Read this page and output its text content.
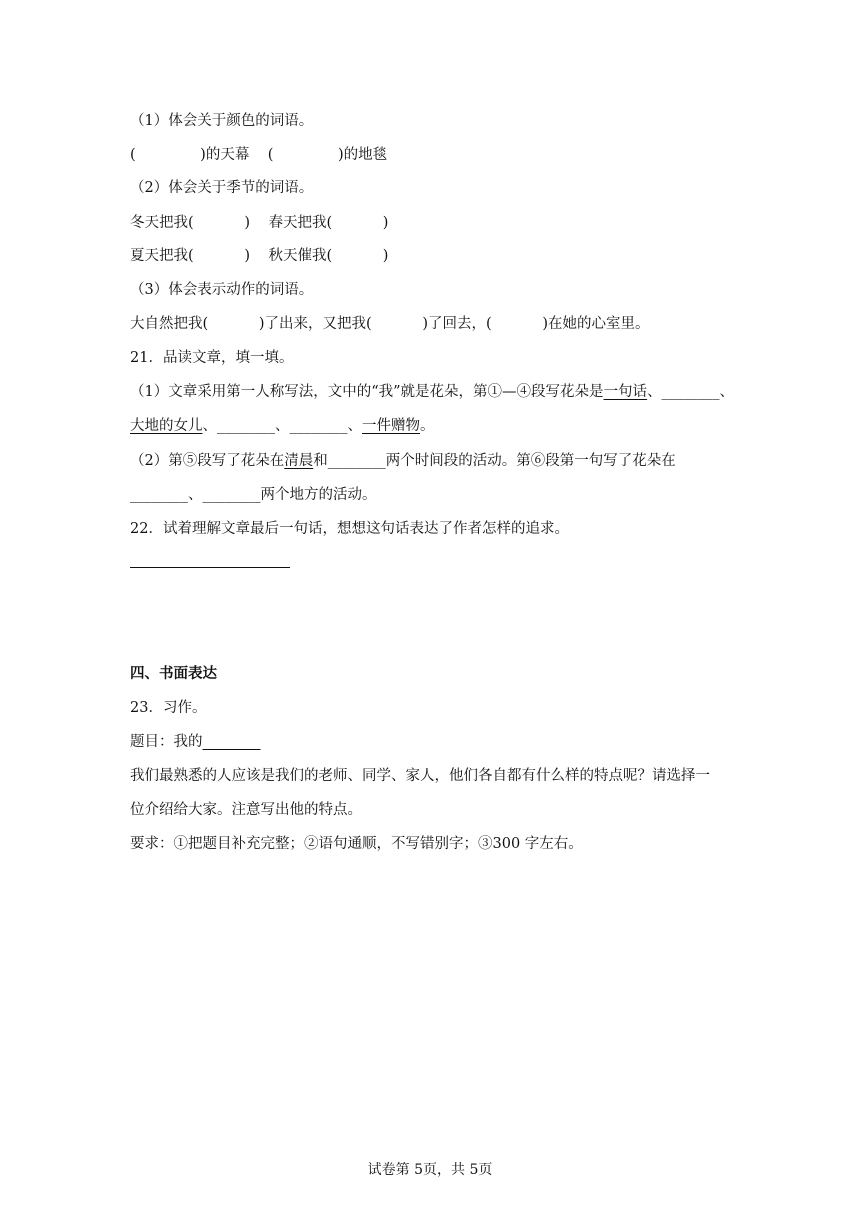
（1）体会关于颜色的词语。
(              )的天幕    (              )的地毯
（2）体会关于季节的词语。
冬天把我(           )    春天把我(           )
夏天把我(           )    秋天催我(           )
（3）体会表示动作的词语。
大自然把我(           )了出来，又把我(           )了回去，(           )在她的心室里。
21．品读文章，填一填。
（1）文章采用第一人称写法，文中的“我”就是花朵，第①—④段写花朵是一句话、________、
大地的女儿、________、________、一件赠物。
（2）第⑤段写了花朵在清晨和________两个时间段的活动。第⑥段第一句写了花朵在
________、________两个地方的活动。
22．试着理解文章最后一句话，想想这句话表达了作者怎样的追求。
四、书面表达
23．习作。
题目：我的________
我们最熟悉的人应该是我们的老师、同学、家人，他们各自都有什么样的特点呢？请选择一
位介绍给大家。注意写出他的特点。
要求：①把题目补充完整；②语句通顺，不写错别字；③300 字左右。
试卷第 5页，共 5页
